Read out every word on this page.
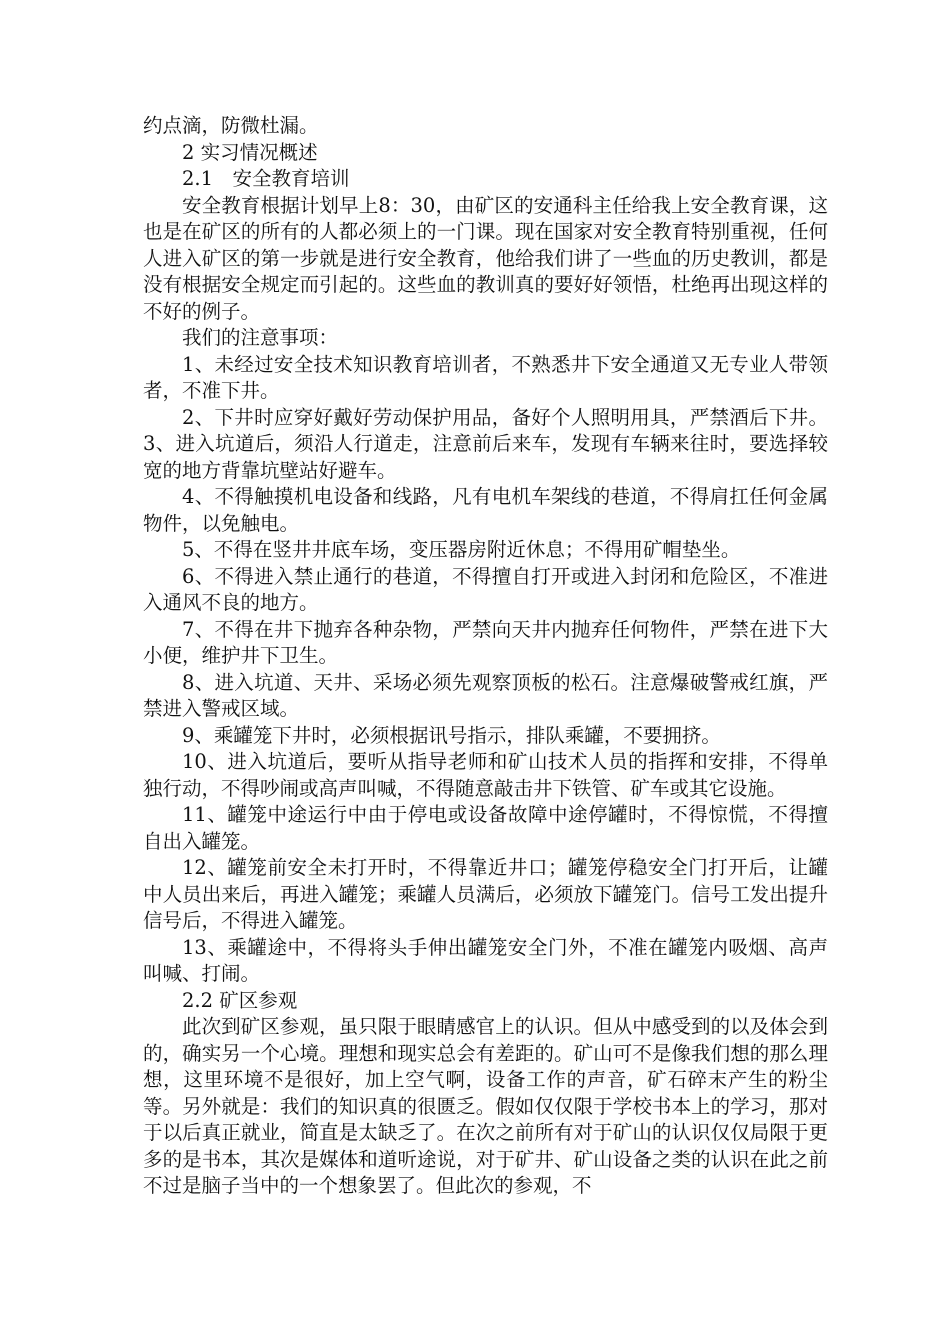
约点滴，防微杜漏。

2 实习情况概述

2.1　安全教育培训

安全教育根据计划早上8：30，由矿区的安通科主任给我上安全教育课，这也是在矿区的所有的人都必须上的一门课。现在国家对安全教育特别重视，任何人进入矿区的第一步就是进行安全教育，他给我们讲了一些血的历史教训，都是没有根据安全规定而引起的。这些血的教训真的要好好领悟，杜绝再出现这样的不好的例子。

我们的注意事项：

1、未经过安全技术知识教育培训者，不熟悉井下安全通道又无专业人带领者，不准下井。

2、下井时应穿好戴好劳动保护用品，备好个人照明用具，严禁酒后下井。3、进入坑道后，须沿人行道走，注意前后来车，发现有车辆来往时，要选择较宽的地方背靠坑壁站好避车。

4、不得触摸机电设备和线路，凡有电机车架线的巷道，不得肩扛任何金属物件，以免触电。

5、不得在竖井井底车场，变压器房附近休息；不得用矿帽垫坐。

6、不得进入禁止通行的巷道，不得擅自打开或进入封闭和危险区，不准进入通风不良的地方。

7、不得在井下抛弃各种杂物，严禁向天井内抛弃任何物件，严禁在进下大小便，维护井下卫生。

8、进入坑道、天井、采场必须先观察顶板的松石。注意爆破警戒红旗，严禁进入警戒区域。

9、乘罐笼下井时，必须根据讯号指示，排队乘罐，不要拥挤。

10、进入坑道后，要听从指导老师和矿山技术人员的指挥和安排，不得单独行动，不得吵闹或高声叫喊，不得随意敲击井下铁管、矿车或其它设施。

11、罐笼中途运行中由于停电或设备故障中途停罐时，不得惊慌，不得擅自出入罐笼。

12、罐笼前安全未打开时，不得靠近井口；罐笼停稳安全门打开后，让罐中人员出来后，再进入罐笼；乘罐人员满后，必须放下罐笼门。信号工发出提升信号后，不得进入罐笼。

13、乘罐途中，不得将头手伸出罐笼安全门外，不准在罐笼内吸烟、高声叫喊、打闹。

2.2 矿区参观

此次到矿区参观，虽只限于眼睛感官上的认识。但从中感受到的以及体会到的，确实另一个心境。理想和现实总会有差距的。矿山可不是像我们想的那么理想，这里环境不是很好，加上空气啊，设备工作的声音，矿石碎末产生的粉尘等。另外就是：我们的知识真的很匮乏。假如仅仅限于学校书本上的学习，那对于以后真正就业，简直是太缺乏了。在次之前所有对于矿山的认识仅仅局限于更多的是书本，其次是媒体和道听途说，对于矿井、矿山设备之类的认识在此之前不过是脑子当中的一个想象罢了。但此次的参观，不
